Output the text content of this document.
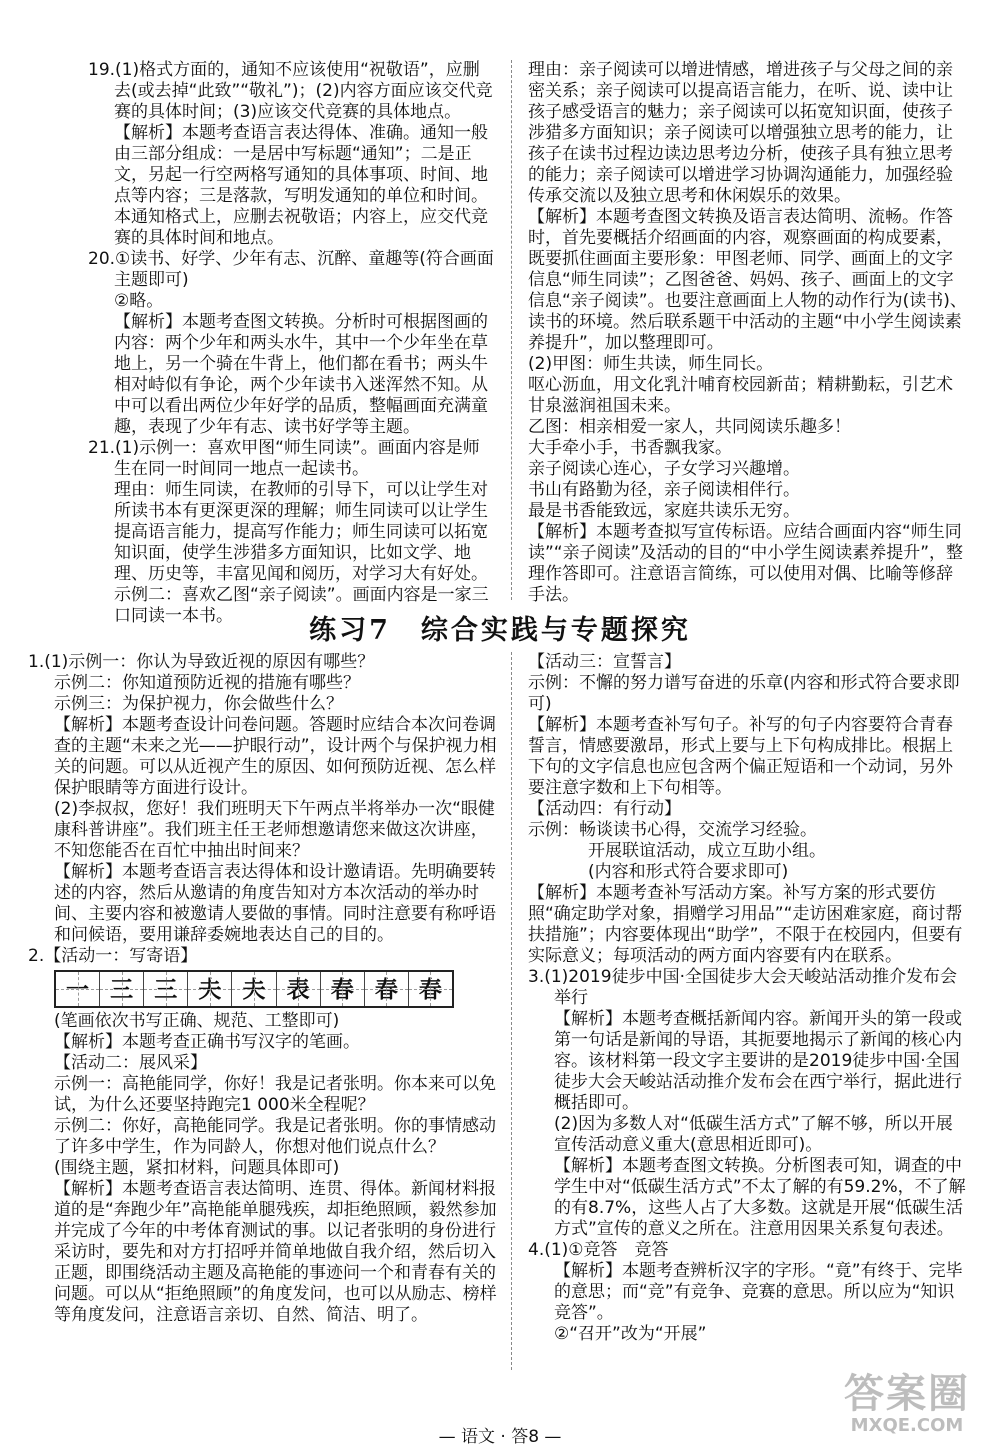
19.(1)格式方面的，通知不应该使用“祝敬语”，应删去(或去掉“此致”“敬礼”)；(2)内容方面应该交代竞赛的具体时间；(3)应该交代竞赛的具体地点。

【解析】本题考查语言表达得体、准确。通知一般由三部分组成：一是居中写标题“通知”；二是正文，另起一行空两格写通知的具体事项、时间、地点等内容；三是落款，写明发通知的单位和时间。本通知格式上，应删去祝敬语；内容上，应交代竞赛的具体时间和地点。

20.①读书、好学、少年有志、沉醉、童趣等(符合画面主题即可)

②略。

【解析】本题考查图文转换。分析时可根据图画的内容：两个少年和两头水牛，其中一个少年坐在草地上，另一个骑在牛背上，他们都在看书；两头牛相对峙似有争论，两个少年读书入迷浑然不知。从中可以看出两位少年好学的品质，整幅画面充满童趣，表现了少年有志、读书好学等主题。

21.(1)示例一：喜欢甲图“师生同读”。画面内容是师生在同一时间同一地点一起读书。

理由：师生同读，在教师的引导下，可以让学生对所读书本有更深更深的理解；师生同读可以让学生提高语言能力，提高写作能力；师生同读可以拓宽知识面，使学生涉猎多方面知识，比如文学、地理、历史等，丰富见闻和阅历，对学习大有好处。

示例二：喜欢乙图“亲子阅读”。画面内容是一家三口同读一本书。

理由：亲子阅读可以增进情感，增进孩子与父母之间的亲密关系；亲子阅读可以提高语言能力，在听、说、读中让孩子感受语言的魅力；亲子阅读可以拓宽知识面，使孩子涉猎多方面知识；亲子阅读可以增强独立思考的能力，让孩子在读书过程边读边思考边分析，使孩子具有独立思考的能力；亲子阅读可以增进学习协调沟通能力，加强经验传承交流以及独立思考和休闲娱乐的效果。

【解析】本题考查图文转换及语言表达简明、流畅。作答时，首先要概括介绍画面的内容，观察画面的构成要素，既要抓住画面主要形象：甲图老师、同学、画面上的文字信息“师生同读”；乙图爸爸、妈妈、孩子、画面上的文字信息“亲子阅读”。也要注意画面上人物的动作行为(读书)、读书的环境。然后联系题干中活动的主题“中小学生阅读素养提升”，加以整理即可。

(2)甲图：师生共读，师生同长。

呕心沥血，用文化乳汁哺育校园新苗；精耕勤耘，引艺术甘泉滋润祖国未来。

乙图：相亲相爱一家人，共同阅读乐趣多！

大手牵小手，书香飘我家。

亲子阅读心连心，子女学习兴趣增。

书山有路勤为径，亲子阅读相伴行。

最是书香能致远，家庭共读乐无穷。

【解析】本题考查拟写宣传标语。应结合画面内容“师生同读”“亲子阅读”及活动的目的“中小学生阅读素养提升”，整理作答即可。注意语言简练，可以使用对偶、比喻等修辞手法。

练习7　综合实践与专题探究

1.(1)示例一：你认为导致近视的原因有哪些？

示例二：你知道预防近视的措施有哪些？

示例三：为保护视力，你会做些什么？

【解析】本题考查设计问卷问题。答题时应结合本次问卷调查的主题“未来之光——护眼行动”，设计两个与保护视力相关的问题。可以从近视产生的原因、如何预防近视、怎么样保护眼睛等方面进行设计。

(2)李叔叔，您好！我们班明天下午两点半将举办一次“眼健康科普讲座”。我们班主任王老师想邀请您来做这次讲座，不知您能否在百忙中抽出时间来？

【解析】本题考查语言表达得体和设计邀请语。先明确要转述的内容，然后从邀请的角度告知对方本次活动的举办时间、主要内容和被邀请人要做的事情。同时注意要有称呼语和问候语，要用谦辞委婉地表达自己的目的。

2.【活动一：写寄语】

一 三 三 夫 夫 表 春 春 春

(笔画依次书写正确、规范、工整即可)

【解析】本题考查正确书写汉字的笔画。

【活动二：展风采】

示例一：高艳能同学，你好！我是记者张明。你本来可以免试，为什么还要坚持跑完1 000米全程呢？

示例二：你好，高艳能同学。我是记者张明。你的事情感动了许多中学生，作为同龄人，你想对他们说点什么？

(围绕主题，紧扣材料，问题具体即可)

【解析】本题考查语言表达简明、连贯、得体。新闻材料报道的是“奔跑少年”高艳能单腿残疾，却拒绝照顾，毅然参加并完成了今年的中考体育测试的事。以记者张明的身份进行采访时，要先和对方打招呼并简单地做自我介绍，然后切入正题，即围绕活动主题及高艳能的事迹问一个和青春有关的问题。可以从“拒绝照顾”的角度发问，也可以从励志、榜样等角度发问，注意语言亲切、自然、简洁、明了。

【活动三：宣誓言】

示例：不懈的努力谱写奋进的乐章(内容和形式符合要求即可)

【解析】本题考查补写句子。补写的句子内容要符合青春誓言，情感要激昂，形式上要与上下句构成排比。根据上下句的文字信息也应包含两个偏正短语和一个动词，另外要注意字数和上下句相等。

【活动四：有行动】

示例：畅谈读书心得，交流学习经验。

开展联谊活动，成立互助小组。

(内容和形式符合要求即可)

【解析】本题考查补写活动方案。补写方案的形式要仿照“确定助学对象，捐赠学习用品”“走访困难家庭，商讨帮扶措施”；内容要体现出“助学”，不限于在校园内，但要有实际意义；每项活动的两方面内容要有内在联系。

3.(1)2019徒步中国·全国徒步大会天峻站活动推介发布会举行

【解析】本题考查概括新闻内容。新闻开头的第一段或第一句话是新闻的导语，其扼要地揭示了新闻的核心内容。该材料第一段文字主要讲的是2019徒步中国·全国徒步大会天峻站活动推介发布会在西宁举行，据此进行概括即可。

(2)因为多数人对“低碳生活方式”了解不够，所以开展宣传活动意义重大(意思相近即可)。

【解析】本题考查图文转换。分析图表可知，调查的中学生中对“低碳生活方式”不太了解的有59.2%，不了解的有8.7%，这些人占了大多数。这就是开展“低碳生活方式”宣传的意义之所在。注意用因果关系复句表述。

4.(1)①竞答　竞答

【解析】本题考查辨析汉字的字形。“竟”有终于、完毕的意思；而“竞”有竞争、竞赛的意思。所以应为“知识竞答”。

②“召开”改为“开展”

— 语文 · 答8 —
答案圈
MXQE.COM
